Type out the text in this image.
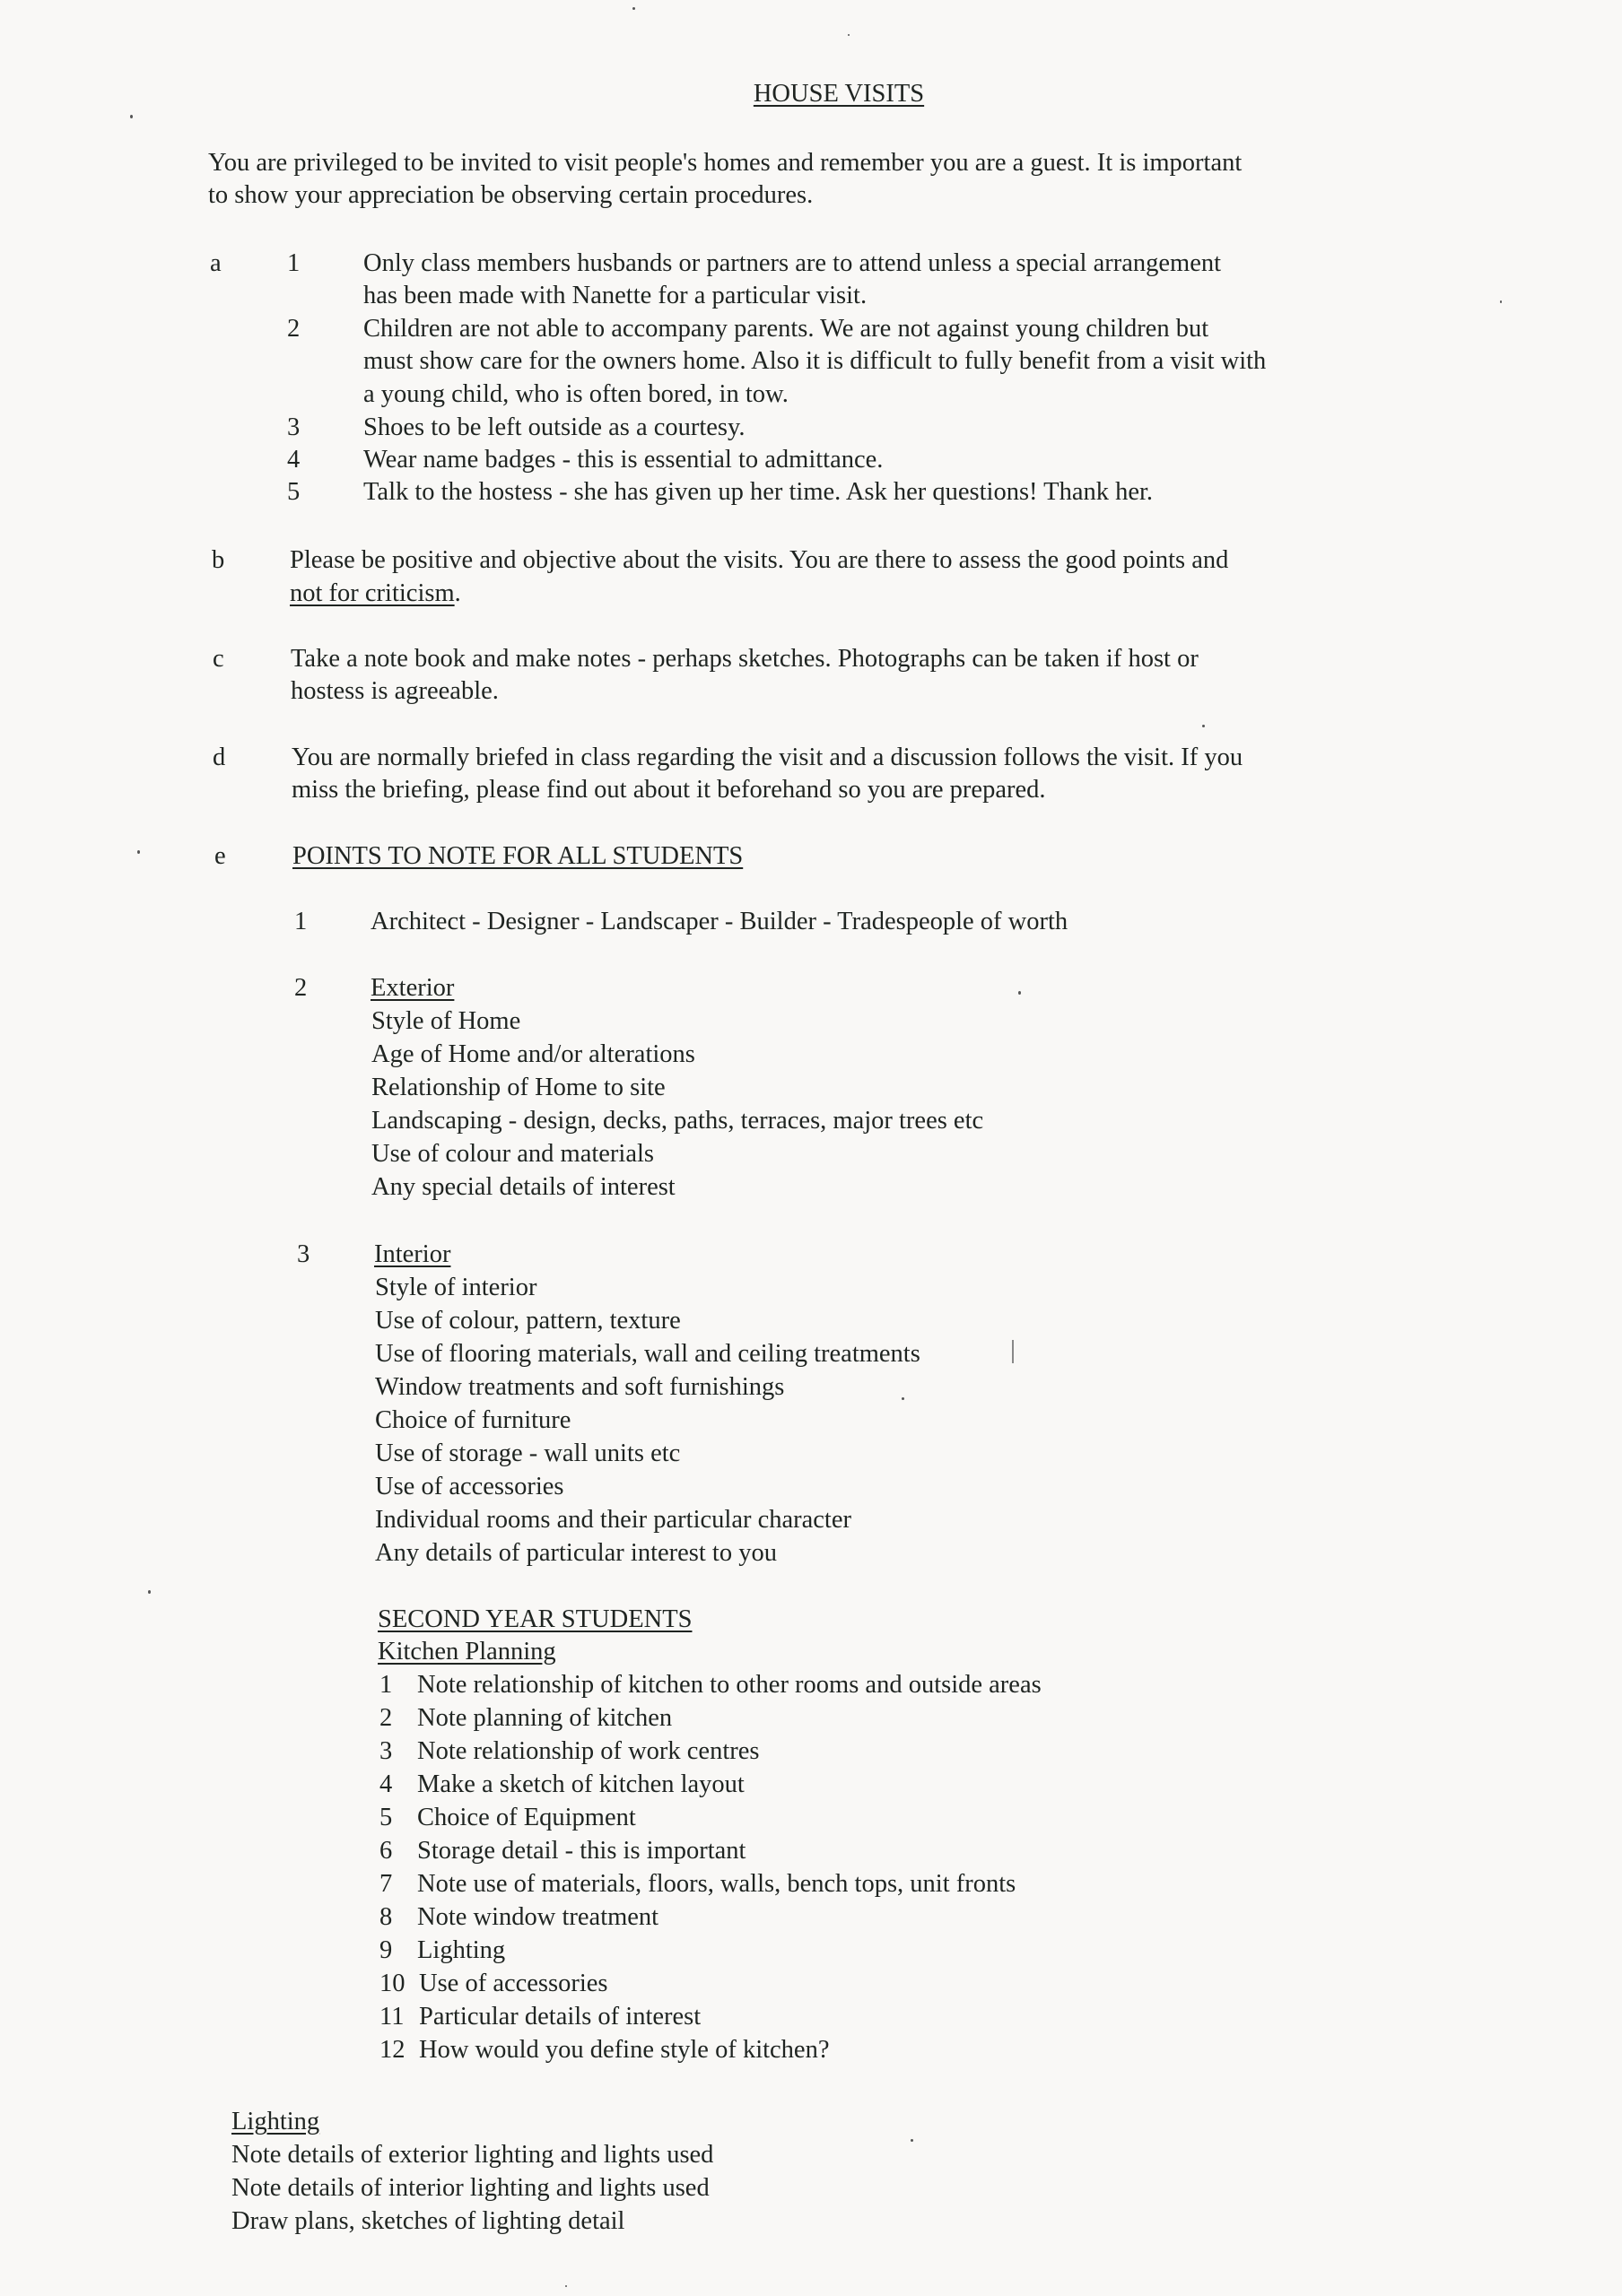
HOUSE VISITS
You are privileged to be invited to visit people's homes and remember you are a guest. It is important
to show your appreciation be observing certain procedures.
a	1 Only class members husbands or partners are to attend unless a special arrangement
has been made with Nanette for a particular visit.
2 Children are not able to accompany parents. We are not against young children but
must show care for the owners home. Also it is difficult to fully benefit from a visit with
a young child, who is often bored, in tow.
3 Shoes to be left outside as a courtesy.
4 Wear name badges - this is essential to admittance.
5 Talk to the hostess - she has given up her time. Ask her questions! Thank her.
b	Please be positive and objective about the visits. You are there to assess the good points and
not for criticism.
c	Take a note book and make notes - perhaps sketches. Photographs can be taken if host or
hostess is agreeable.
d	You are normally briefed in class regarding the visit and a discussion follows the visit. If you
miss the briefing, please find out about it beforehand so you are prepared.
e	POINTS TO NOTE FOR ALL STUDENTS
1 Architect - Designer - Landscaper - Builder - Tradespeople of worth
2 Exterior
Style of Home
Age of Home and/or alterations
Relationship of Home to site
Landscaping - design, decks, paths, terraces, major trees etc
Use of colour and materials
Any special details of interest
3	Interior
Style of interior
Use of colour, pattern, texture
Use of flooring materials, wall and ceiling treatments
Window treatments and soft furnishings
Choice of furniture
Use of storage - wall units etc
Use of accessories
Individual rooms and their particular character
Any details of particular interest to you
SECOND YEAR STUDENTS
Kitchen Planning
1 Note relationship of kitchen to other rooms and outside areas
2 Note planning of kitchen
3 Note relationship of work centres
4 Make a sketch of kitchen layout
5 Choice of Equipment
6 Storage detail - this is important
7 Note use of materials, floors, walls, bench tops, unit fronts
8 Note window treatment
9 Lighting
10 Use of accessories
11 Particular details of interest
12 How would you define style of kitchen?
Lighting
Note details of exterior lighting and lights used
Note details of interior lighting and lights used
Draw plans, sketches of lighting detail
